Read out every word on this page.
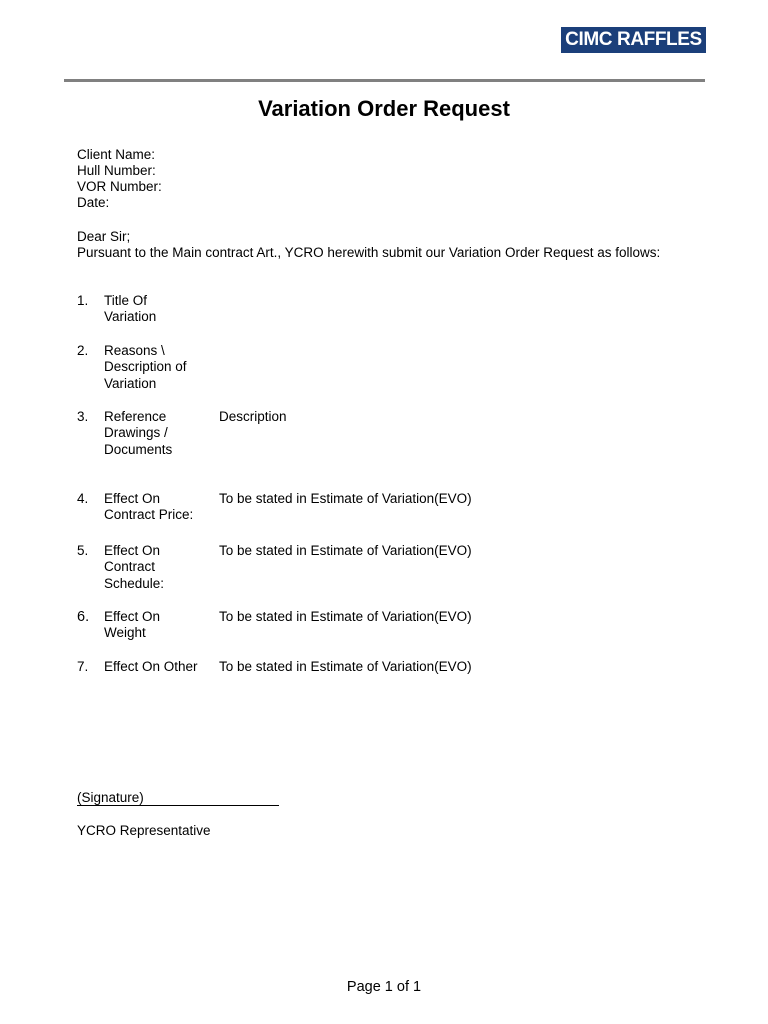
CIMC RAFFLES
Variation Order Request
Client Name:
Hull Number:
VOR Number:
Date:
Dear Sir;
Pursuant to the Main contract Art., YCRO herewith submit our Variation Order Request as follows:
1. Title Of
Variation
2. Reasons \
Description of
Variation
3. Reference
Drawings /
Documents
Description
4. Effect On
Contract Price:
To be stated in Estimate of Variation(EVO)
5. Effect On
Contract
Schedule:
To be stated in Estimate of Variation(EVO)
6. Effect On
Weight
To be stated in Estimate of Variation(EVO)
7. Effect On Other	To be stated in Estimate of Variation(EVO)
(Signature)
YCRO Representative
Page 1 of 1
